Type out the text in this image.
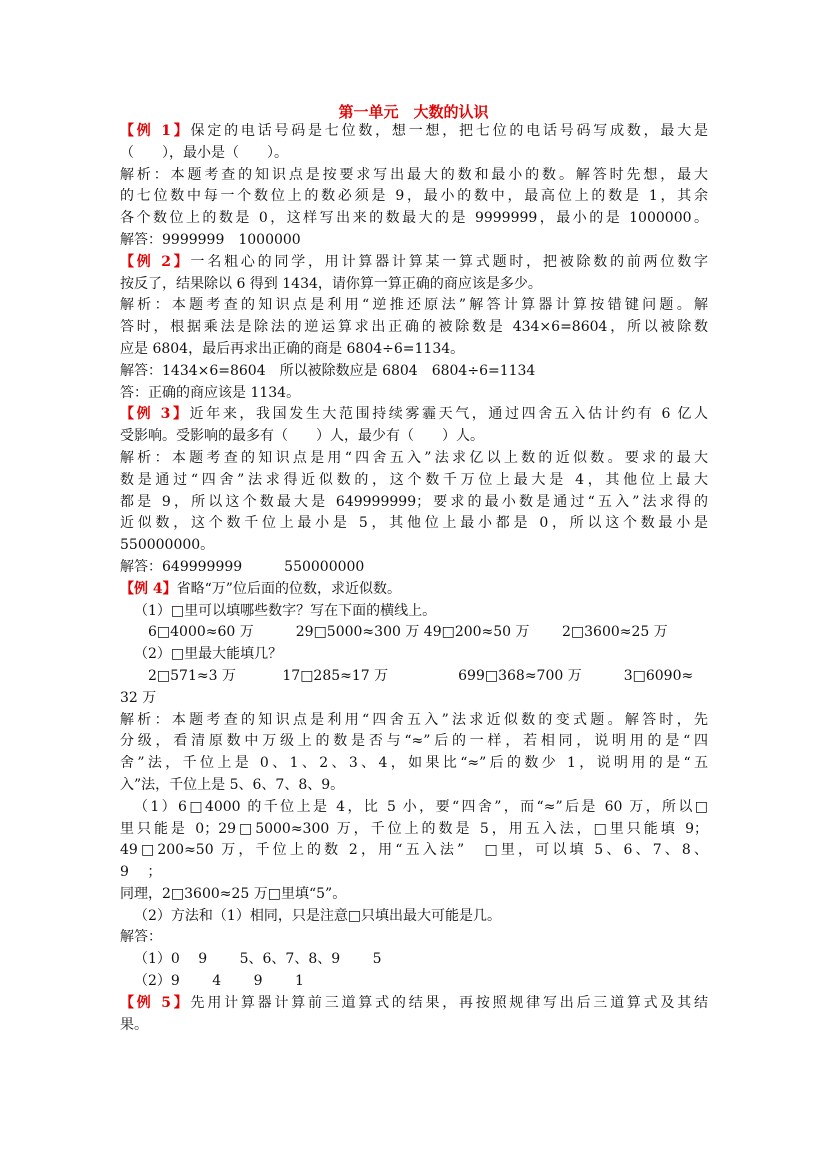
第一单元　大数的认识
【例 1】保定的电话号码是七位数，想一想，把七位的电话号码写成数，最大是
（　　），最小是（　　）。
解析：本题考查的知识点是按要求写出最大的数和最小的数。解答时先想，最大
的七位数中每一个数位上的数必须是 9，最小的数中，最高位上的数是 1，其余
各个数位上的数是 0，这样写出来的数最大的是 9999999，最小的是 1000000。
解答：9999999　1000000
【例 2】一名粗心的同学，用计算器计算某一算式题时，把被除数的前两位数字
按反了，结果除以 6 得到 1434，请你算一算正确的商应该是多少。
解析：本题考查的知识点是利用“逆推还原法”解答计算器计算按错键问题。解
答时，根据乘法是除法的逆运算求出正确的被除数是 434×6=8604，所以被除数
应是 6804，最后再求出正确的商是 6804÷6=1134。
解答：1434×6=8604　所以被除数应是 6804　6804÷6=1134
答：正确的商应该是 1134。
【例 3】近年来，我国发生大范围持续雾霾天气，通过四舍五入估计约有 6 亿人
受影响。受影响的最多有（　　）人，最少有（　　）人。
解析：本题考查的知识点是用“四舍五入”法求亿以上数的近似数。要求的最大
数是通过“四舍”法求得近似数的，这个数千万位上最大是 4，其他位上最大
都是 9，所以这个数最大是 649999999；要求的最小数是通过“五入”法求得的
近似数，这个数千位上最小是 5，其他位上最小都是 0，所以这个数最小是
550000000。
解答：649999999　　　550000000
【例 4】省略“万”位后面的位数，求近似数。
（1）□里可以填哪些数字？写在下面的横线上。
6□4000≈60 万　　　29□5000≈300 万 49□200≈50 万　　 2□3600≈25 万
（2）□里最大能填几？
2□571≈3 万　　　 17□285≈17 万　　　　　699□368≈700 万　　　3□6090≈
32 万
解析：本题考查的知识点是利用“四舍五入”法求近似数的变式题。解答时，先
分级，看清原数中万级上的数是否与“≈”后的一样，若相同，说明用的是“四
舍”法，千位上是 0、1、2、3、4，如果比“≈”后的数少 1，说明用的是“五
入”法，千位上是 5、6、7、8、9。
（1）6□4000 的千位上是 4，比 5 小，要“四舍”，而“≈”后是 60 万，所以□
里只能是 0；29□5000≈300 万，千位上的数是 5，用五入法，□里只能填 9；
49□200≈50 万，千位上的数 2，用“五入法”　□里，可以填 5、6、7、8、
9　 ；
同理，2□3600≈25 万□里填“5”。
（2）方法和（1）相同，只是注意□只填出最大可能是几。
解答：
（1）0　 9　　 5、6、7、8、9　　 5
（2）9　　 4　　 9　　 1
【例 5】先用计算器计算前三道算式的结果，再按照规律写出后三道算式及其结
果。
